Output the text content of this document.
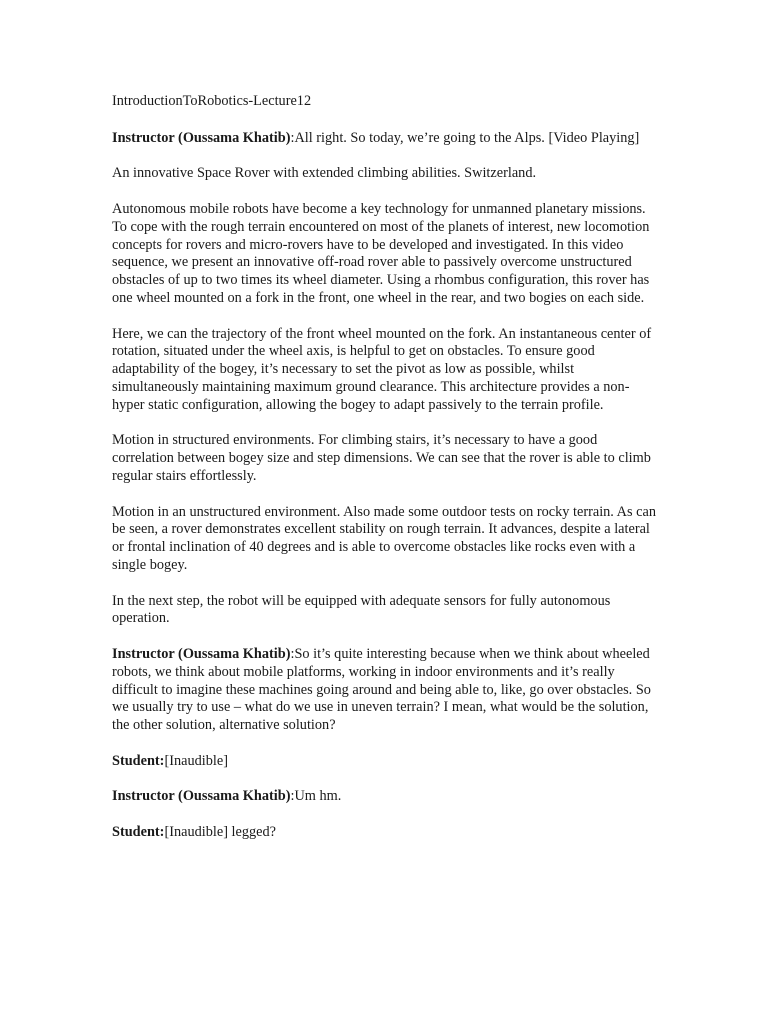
IntroductionToRobotics-Lecture12

Instructor (Oussama Khatib):All right. So today, we’re going to the Alps. [Video Playing]

An innovative Space Rover with extended climbing abilities. Switzerland.

Autonomous mobile robots have become a key technology for unmanned planetary missions. To cope with the rough terrain encountered on most of the planets of interest, new locomotion concepts for rovers and micro-rovers have to be developed and investigated. In this video sequence, we present an innovative off-road rover able to passively overcome unstructured obstacles of up to two times its wheel diameter. Using a rhombus configuration, this rover has one wheel mounted on a fork in the front, one wheel in the rear, and two bogies on each side.

Here, we can the trajectory of the front wheel mounted on the fork. An instantaneous center of rotation, situated under the wheel axis, is helpful to get on obstacles. To ensure good adaptability of the bogey, it’s necessary to set the pivot as low as possible, whilst simultaneously maintaining maximum ground clearance. This architecture provides a non-hyper static configuration, allowing the bogey to adapt passively to the terrain profile.

Motion in structured environments. For climbing stairs, it’s necessary to have a good correlation between bogey size and step dimensions. We can see that the rover is able to climb regular stairs effortlessly.

Motion in an unstructured environment. Also made some outdoor tests on rocky terrain. As can be seen, a rover demonstrates excellent stability on rough terrain. It advances, despite a lateral or frontal inclination of 40 degrees and is able to overcome obstacles like rocks even with a single bogey.

In the next step, the robot will be equipped with adequate sensors for fully autonomous operation.

Instructor (Oussama Khatib):So it’s quite interesting because when we think about wheeled robots, we think about mobile platforms, working in indoor environments and it’s really difficult to imagine these machines going around and being able to, like, go over obstacles. So we usually try to use – what do we use in uneven terrain? I mean, what would be the solution, the other solution, alternative solution?

Student:[Inaudible]

Instructor (Oussama Khatib):Um hm.

Student:[Inaudible] legged?
